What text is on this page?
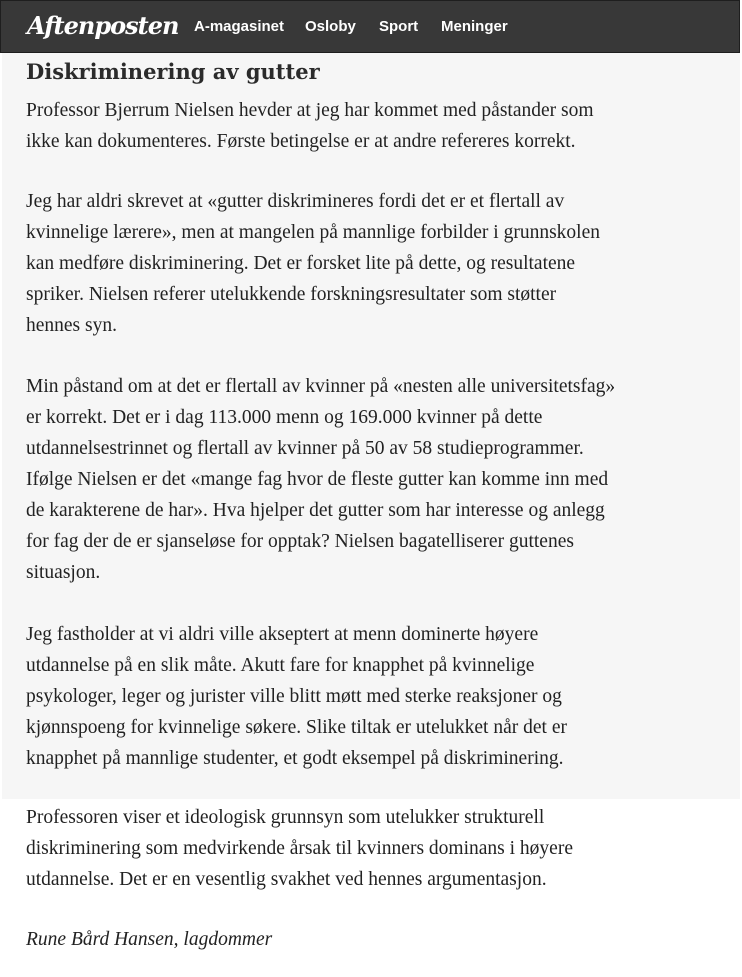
Aftenposten A-magasinet Osloby Sport Meninger
Diskriminering av gutter
Professor Bjerrum Nielsen hevder at jeg har kommet med påstander som
ikke kan dokumenteres. Første betingelse er at andre refereres korrekt.
Jeg har aldri skrevet at «gutter diskrimineres fordi det er et flertall av
kvinnelige lærere», men at mangelen på mannlige forbilder i grunnskolen
kan medføre diskriminering. Det er forsket lite på dette, og resultatene
spriker. Nielsen referer utelukkende forskningsresultater som støtter
hennes syn.
Min påstand om at det er flertall av kvinner på «nesten alle universitetsfag»
er korrekt. Det er i dag 113.000 menn og 169.000 kvinner på dette
utdannelsestrinnet og flertall av kvinner på 50 av 58 studieprogrammer.
Ifølge Nielsen er det «mange fag hvor de fleste gutter kan komme inn med
de karakterene de har». Hva hjelper det gutter som har interesse og anlegg
for fag der de er sjanseløse for opptak? Nielsen bagatelliserer guttenes
situasjon.
Jeg fastholder at vi aldri ville akseptert at menn dominerte høyere
utdannelse på en slik måte. Akutt fare for knapphet på kvinnelige
psykologer, leger og jurister ville blitt møtt med sterke reaksjoner og
kjønnspoeng for kvinnelige søkere. Slike tiltak er utelukket når det er
knapphet på mannlige studenter, et godt eksempel på diskriminering.
Professoren viser et ideologisk grunnsyn som utelukker strukturell
diskriminering som medvirkende årsak til kvinners dominans i høyere
utdannelse. Det er en vesentlig svakhet ved hennes argumentasjon.

Rune Bård Hansen, lagdommer
